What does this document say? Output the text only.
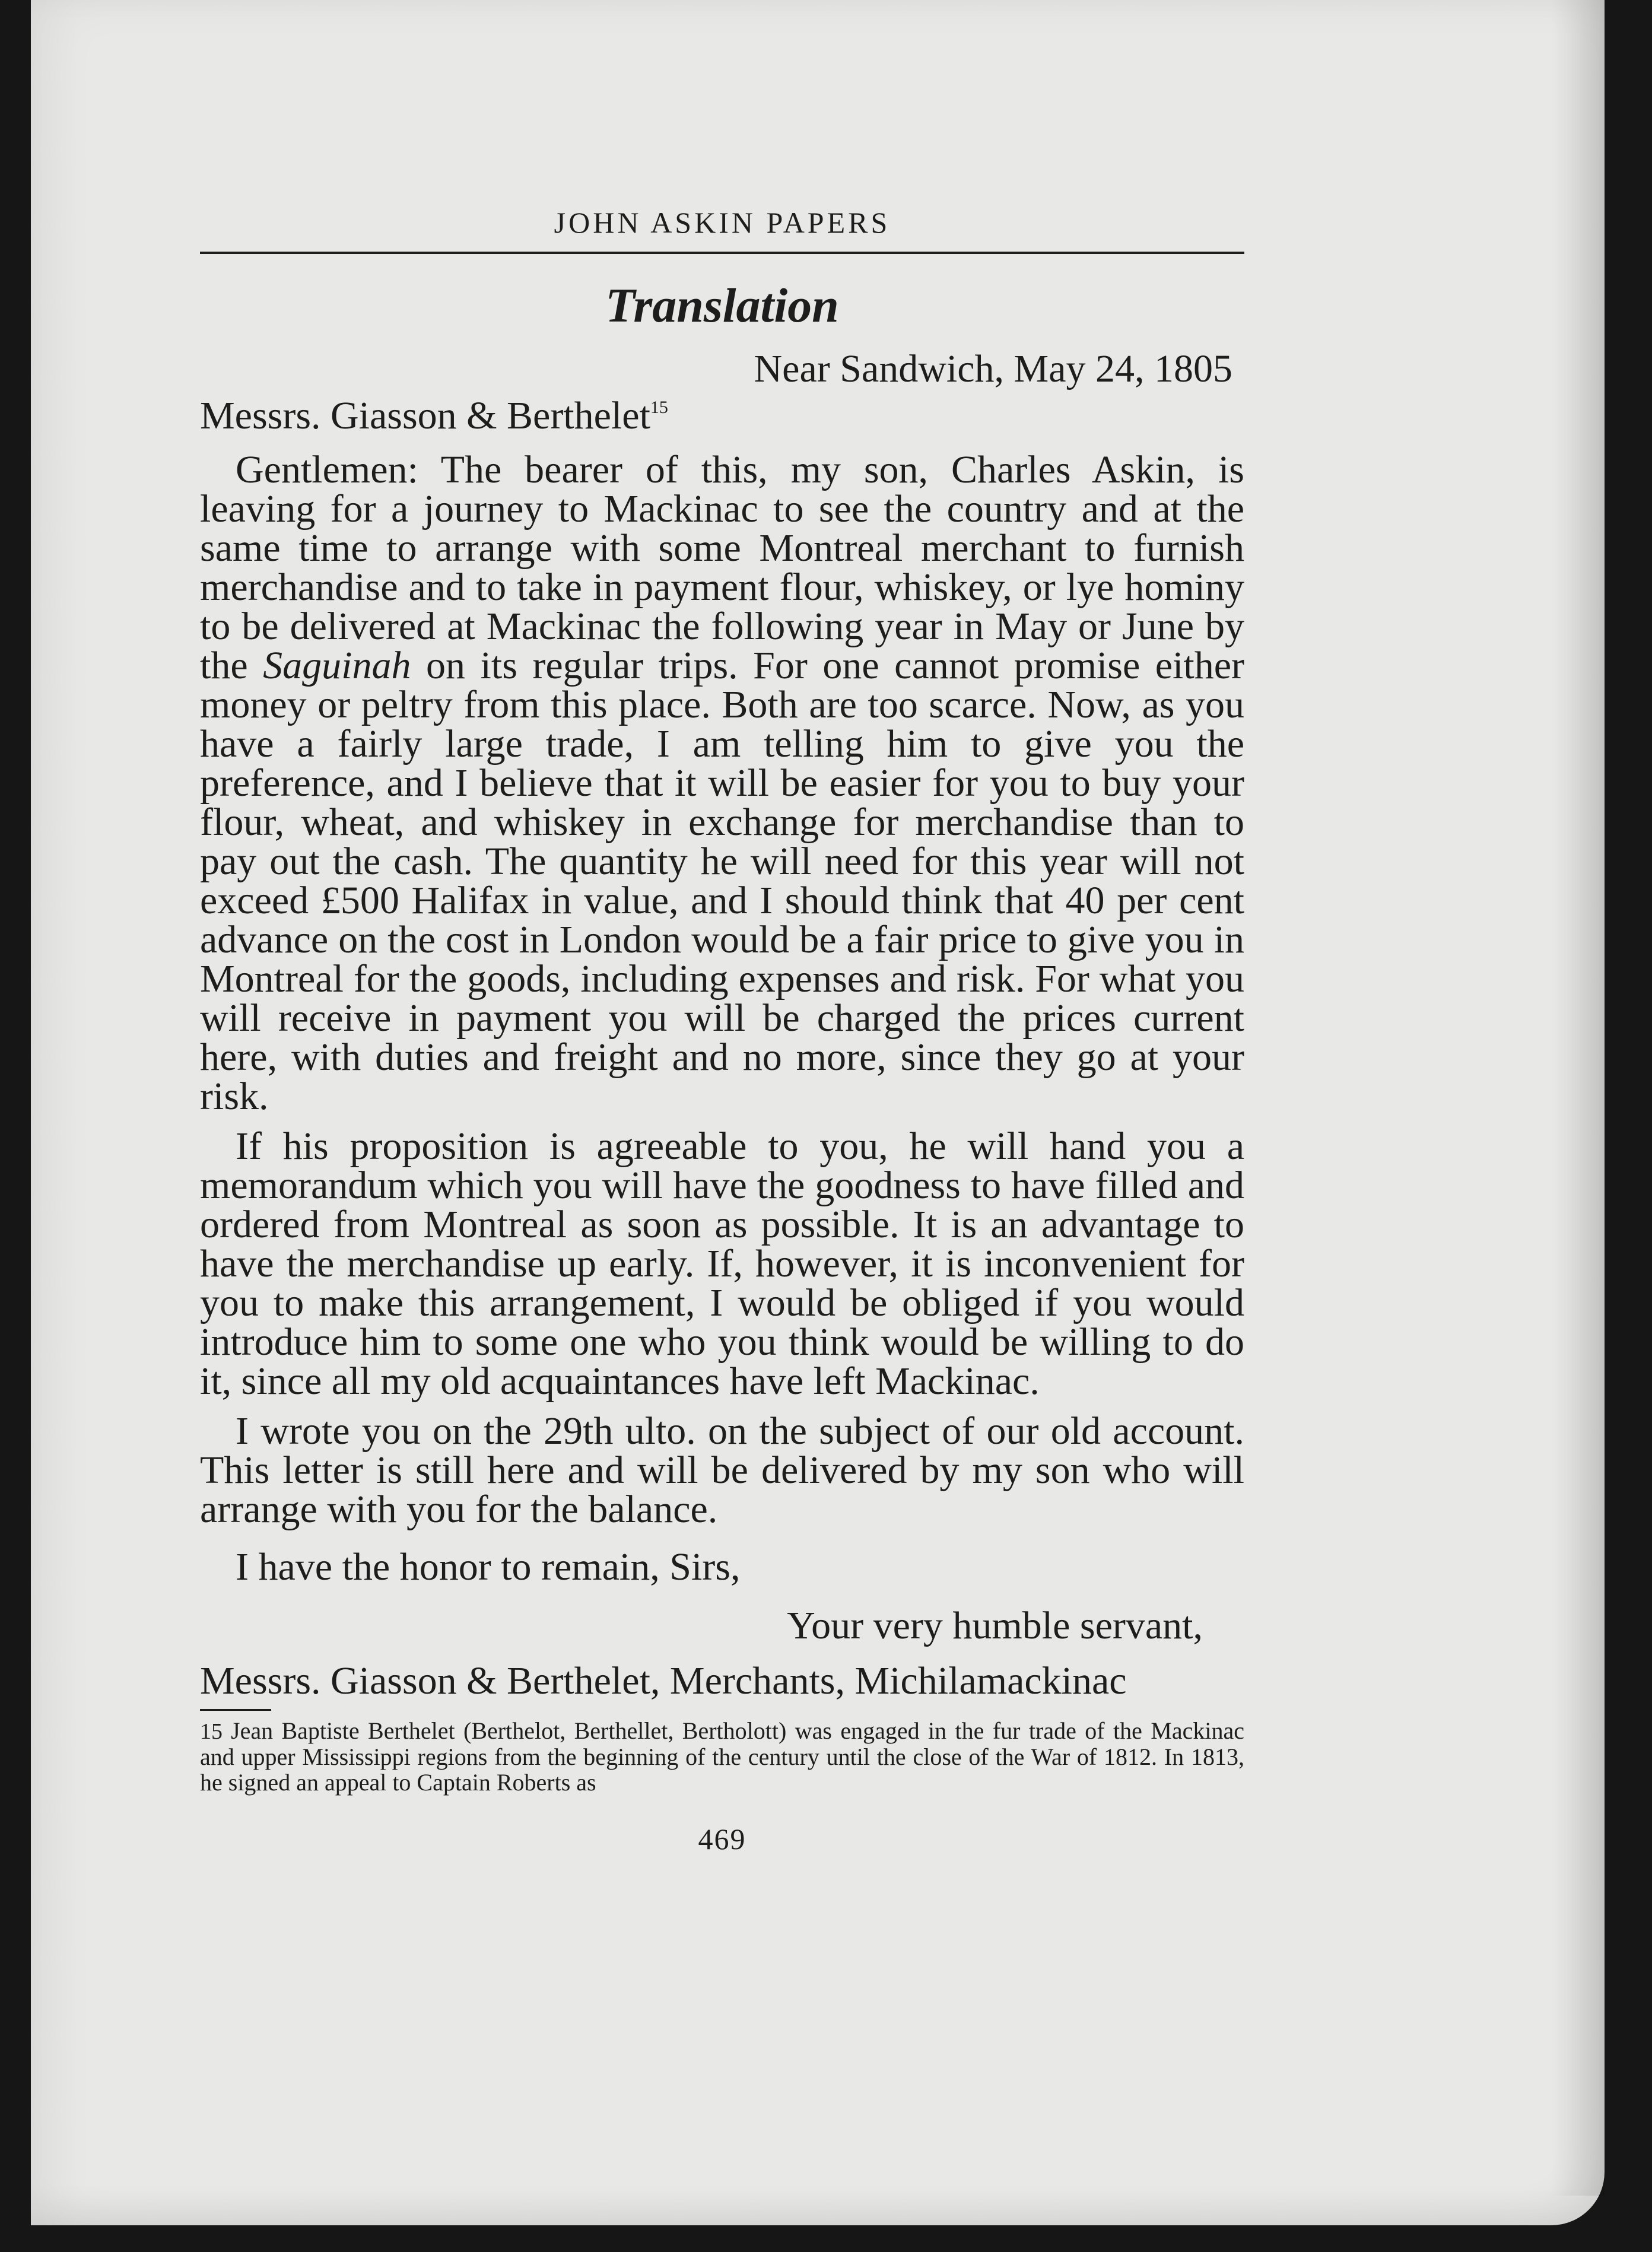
JOHN ASKIN PAPERS

Translation

Near Sandwich, May 24, 1805

Messrs. Giasson & Berthelet$^{15}$

Gentlemen: The bearer of this, my son, Charles Askin, is leaving for a journey to Mackinac to see the country and at the same time to arrange with some Montreal merchant to furnish merchandise and to take in payment flour, whiskey, or lye hominy to be delivered at Mackinac the following year in May or June by the Saguinah on its regular trips. For one cannot promise either money or peltry from this place. Both are too scarce. Now, as you have a fairly large trade, I am telling him to give you the preference, and I believe that it will be easier for you to buy your flour, wheat, and whiskey in exchange for merchandise than to pay out the cash. The quantity he will need for this year will not exceed £500 Halifax in value, and I should think that 40 per cent advance on the cost in London would be a fair price to give you in Montreal for the goods, including expenses and risk. For what you will receive in payment you will be charged the prices current here, with duties and freight and no more, since they go at your risk.

If his proposition is agreeable to you, he will hand you a memorandum which you will have the goodness to have filled and ordered from Montreal as soon as possible. It is an advantage to have the merchandise up early. If, however, it is inconvenient for you to make this arrangement, I would be obliged if you would introduce him to some one who you think would be willing to do it, since all my old acquaintances have left Mackinac.

I wrote you on the 29th ulto. on the subject of our old account. This letter is still here and will be delivered by my son who will arrange with you for the balance.

I have the honor to remain, Sirs,

Your very humble servant,

Messrs. Giasson & Berthelet, Merchants, Michilamackinac

15 Jean Baptiste Berthelet (Berthelot, Berthellet, Bertholott) was engaged in the fur trade of the Mackinac and upper Mississippi regions from the beginning of the century until the close of the War of 1812. In 1813, he signed an appeal to Captain Roberts as

469
